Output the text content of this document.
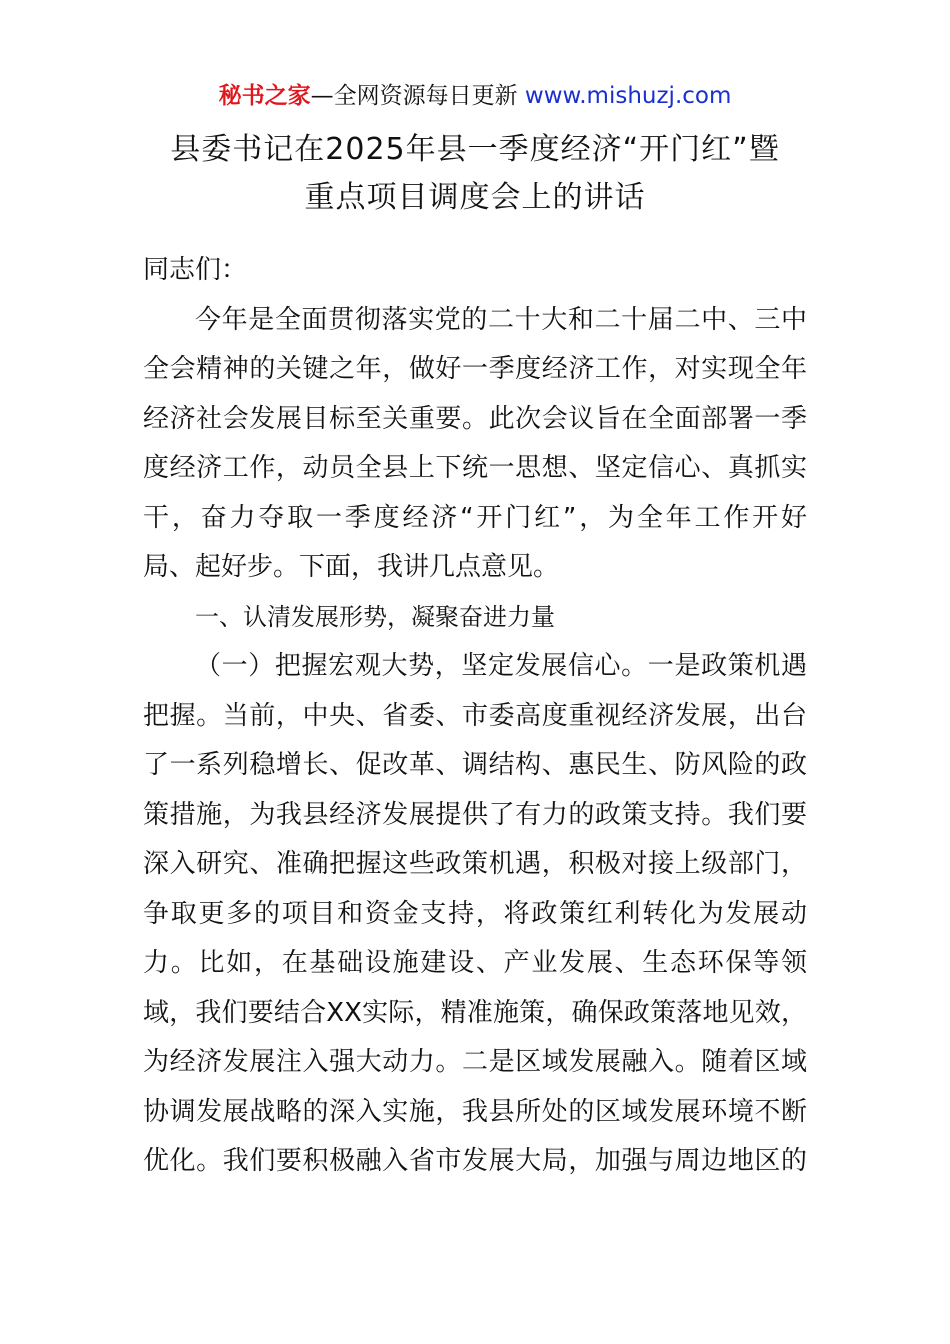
秘书之家—全网资源每日更新 www.mishuzj.com
县委书记在2025年县一季度经济“开门红”暨
重点项目调度会上的讲话
同志们：
今年是全面贯彻落实党的二十大和二十届二中、三中
全会精神的关键之年，做好一季度经济工作，对实现全年
经济社会发展目标至关重要。此次会议旨在全面部署一季
度经济工作，动员全县上下统一思想、坚定信心、真抓实
干，奋力夺取一季度经济“开门红”，为全年工作开好
局、起好步。下面，我讲几点意见。
一、认清发展形势，凝聚奋进力量
（一）把握宏观大势，坚定发展信心。一是政策机遇
把握。当前，中央、省委、市委高度重视经济发展，出台
了一系列稳增长、促改革、调结构、惠民生、防风险的政
策措施，为我县经济发展提供了有力的政策支持。我们要
深入研究、准确把握这些政策机遇，积极对接上级部门，
争取更多的项目和资金支持，将政策红利转化为发展动
力。比如，在基础设施建设、产业发展、生态环保等领
域，我们要结合XX实际，精准施策，确保政策落地见效，
为经济发展注入强大动力。二是区域发展融入。随着区域
协调发展战略的深入实施，我县所处的区域发展环境不断
优化。我们要积极融入省市发展大局，加强与周边地区的
